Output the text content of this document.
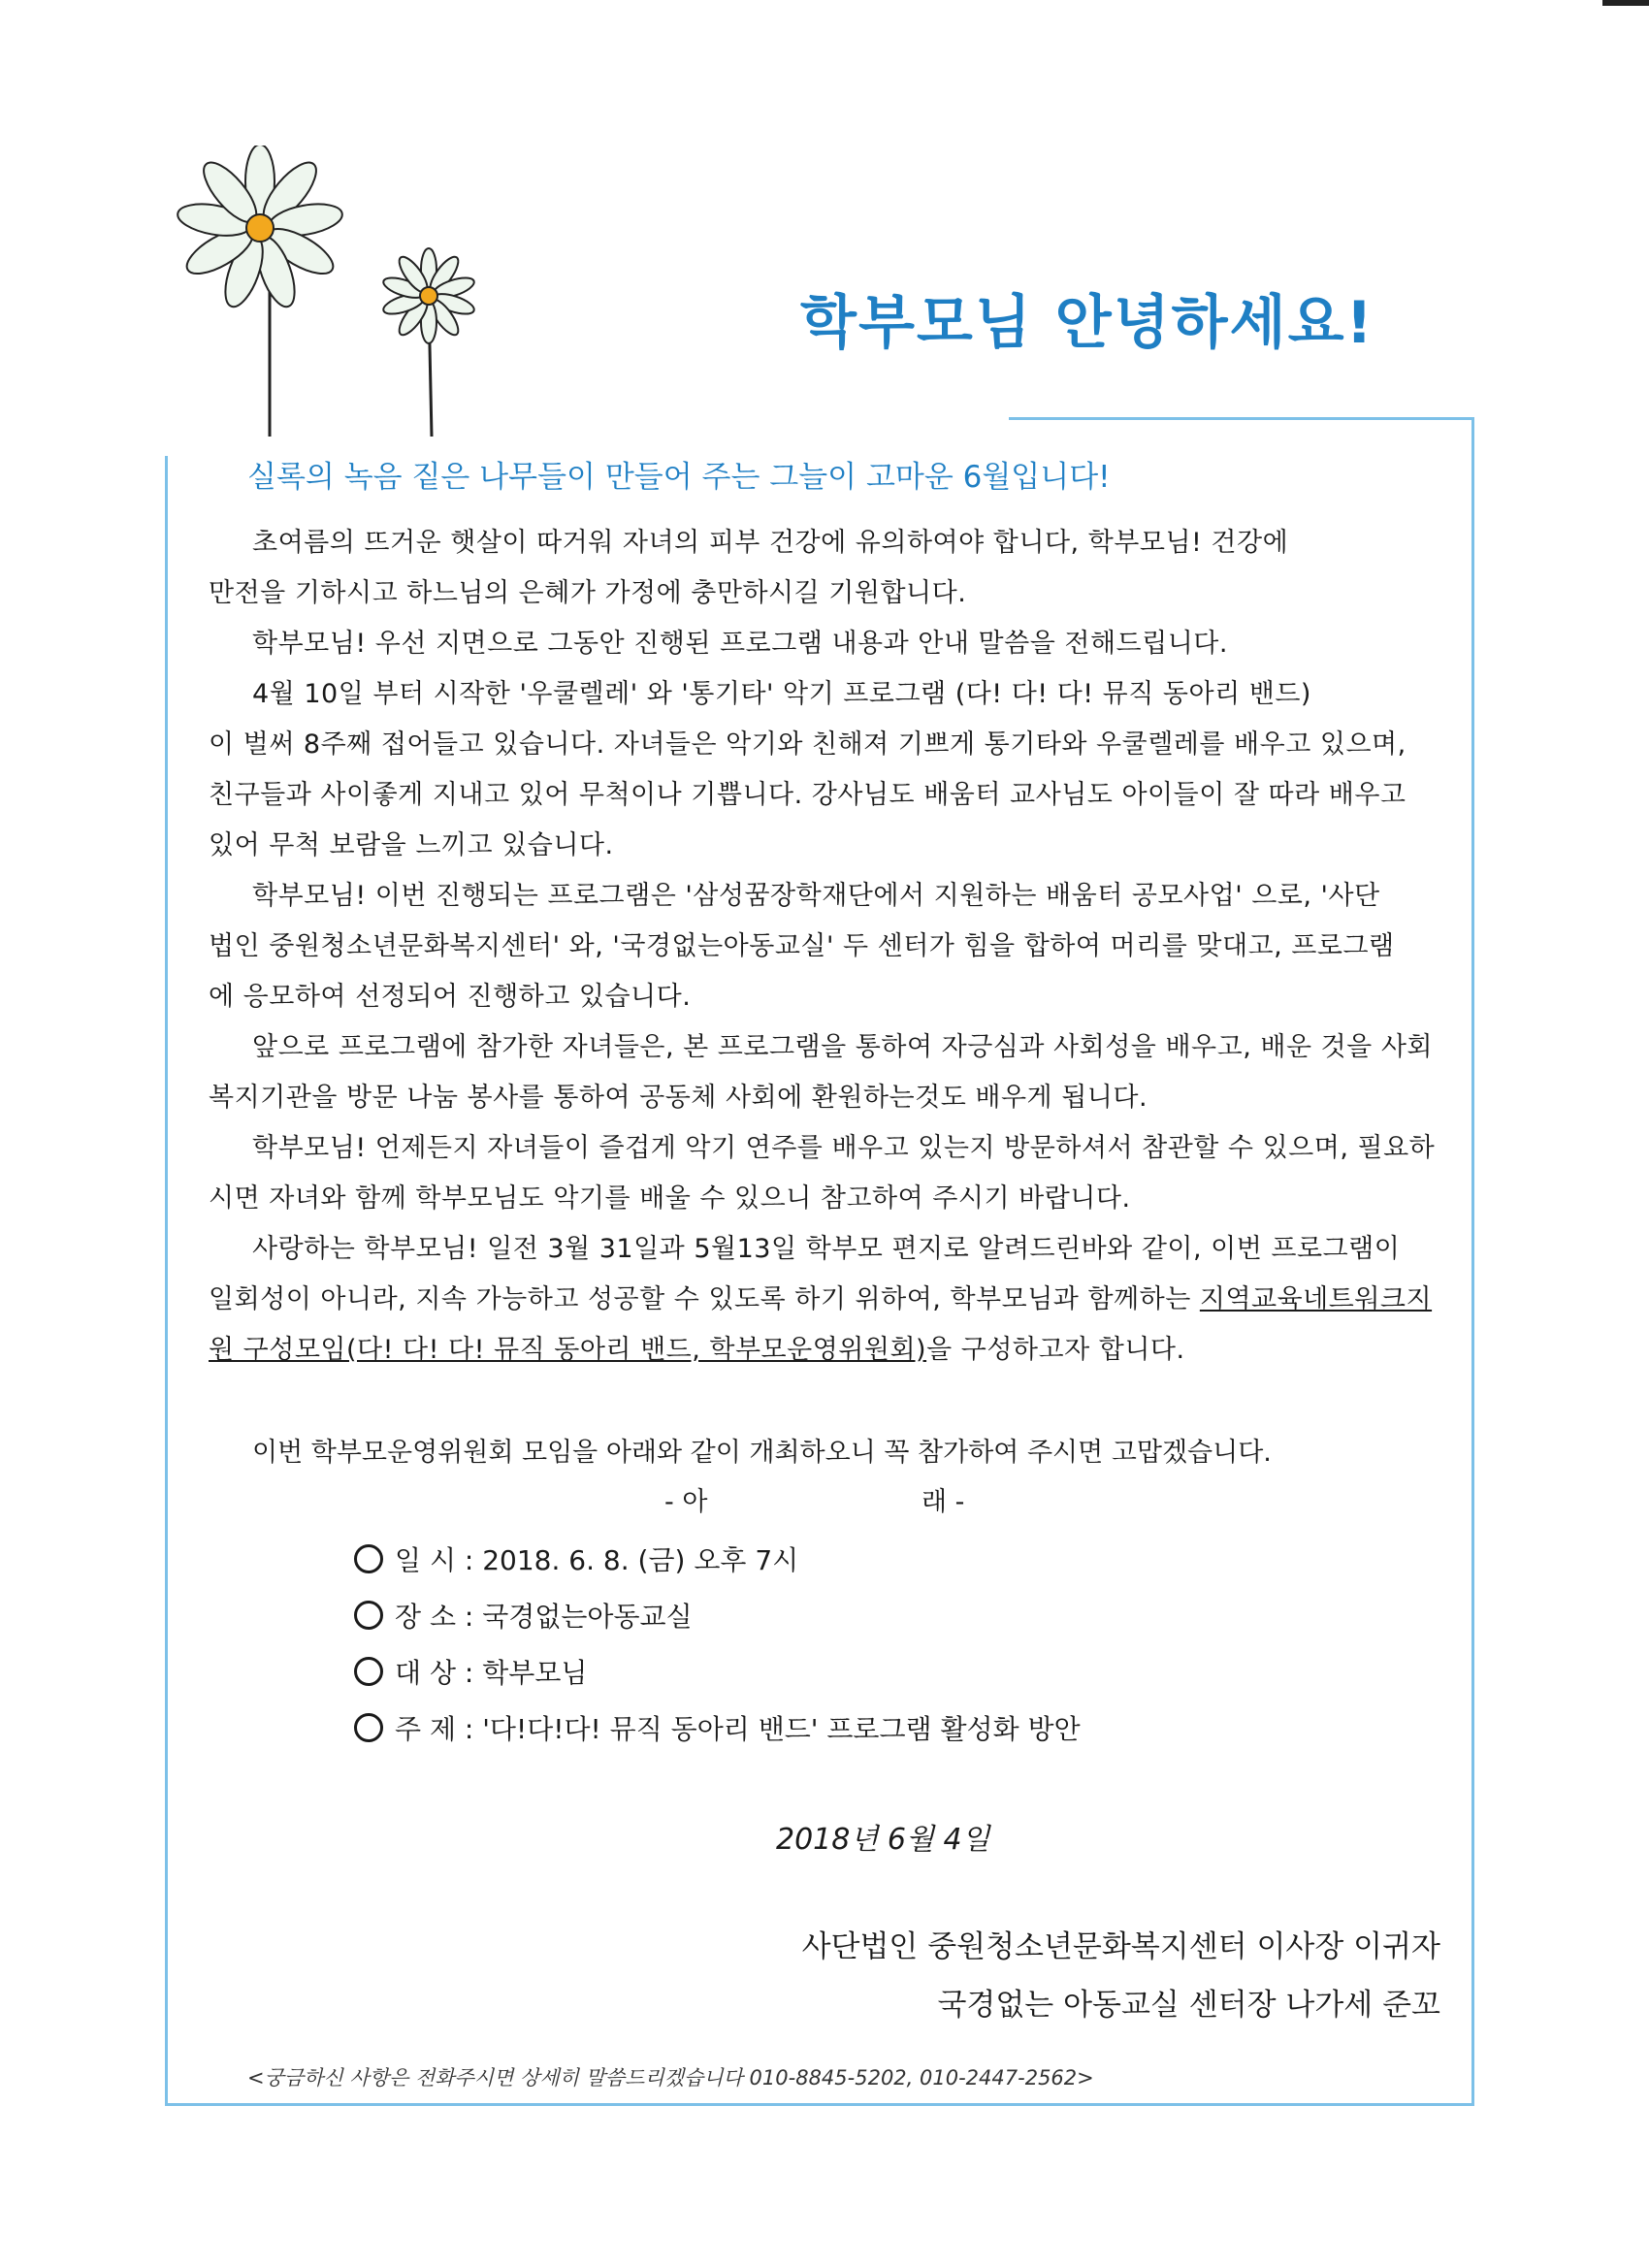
학부모님 안녕하세요!
실록의 녹음 짙은 나무들이 만들어 주는 그늘이 고마운 6월입니다!
초여름의 뜨거운 햇살이 따거워 자녀의 피부 건강에 유의하여야 합니다, 학부모님! 건강에
만전을 기하시고 하느님의 은혜가 가정에 충만하시길 기원합니다.
학부모님! 우선 지면으로 그동안 진행된 프로그램 내용과 안내 말씀을 전해드립니다.
4월 10일 부터 시작한 '우쿨렐레' 와 '통기타' 악기 프로그램 (다! 다! 다! 뮤직 동아리 밴드)
이 벌써 8주째 접어들고 있습니다. 자녀들은 악기와 친해져 기쁘게 통기타와 우쿨렐레를 배우고 있으며,
친구들과 사이좋게 지내고 있어 무척이나 기쁩니다. 강사님도 배움터 교사님도 아이들이 잘 따라 배우고
있어 무척 보람을 느끼고 있습니다.
학부모님! 이번 진행되는 프로그램은 '삼성꿈장학재단에서 지원하는 배움터 공모사업' 으로, '사단
법인 중원청소년문화복지센터' 와, '국경없는아동교실' 두 센터가 힘을 합하여 머리를 맞대고, 프로그램
에 응모하여 선정되어 진행하고 있습니다.
앞으로 프로그램에 참가한 자녀들은, 본 프로그램을 통하여 자긍심과 사회성을 배우고, 배운 것을 사회
복지기관을 방문 나눔 봉사를 통하여 공동체 사회에 환원하는것도 배우게 됩니다.
학부모님! 언제든지 자녀들이 즐겁게 악기 연주를 배우고 있는지 방문하셔서 참관할 수 있으며, 필요하
시면 자녀와 함께 학부모님도 악기를 배울 수 있으니 참고하여 주시기 바랍니다.
사랑하는 학부모님! 일전 3월 31일과 5월13일 학부모 편지로 알려드린바와 같이, 이번 프로그램이
일회성이 아니라, 지속 가능하고 성공할 수 있도록 하기 위하여, 학부모님과 함께하는 지역교육네트워크지
원 구성모임(다! 다! 다! 뮤직 동아리 밴드, 학부모운영위원회)을 구성하고자 합니다.
이번 학부모운영위원회 모임을 아래와 같이 개최하오니 꼭 참가하여 주시면 고맙겠습니다.
- 아	래 -
일 시 : 2018. 6. 8. (금) 오후 7시
장 소 : 국경없는아동교실
대 상 : 학부모님
주 제 : '다!다!다! 뮤직 동아리 밴드' 프로그램 활성화 방안
2018년 6월 4일
사단법인 중원청소년문화복지센터 이사장 이귀자
국경없는 아동교실 센터장 나가세 준꼬
<궁금하신 사항은 전화주시면 상세히 말씀드리겠습니다 010-8845-5202, 010-2447-2562>
